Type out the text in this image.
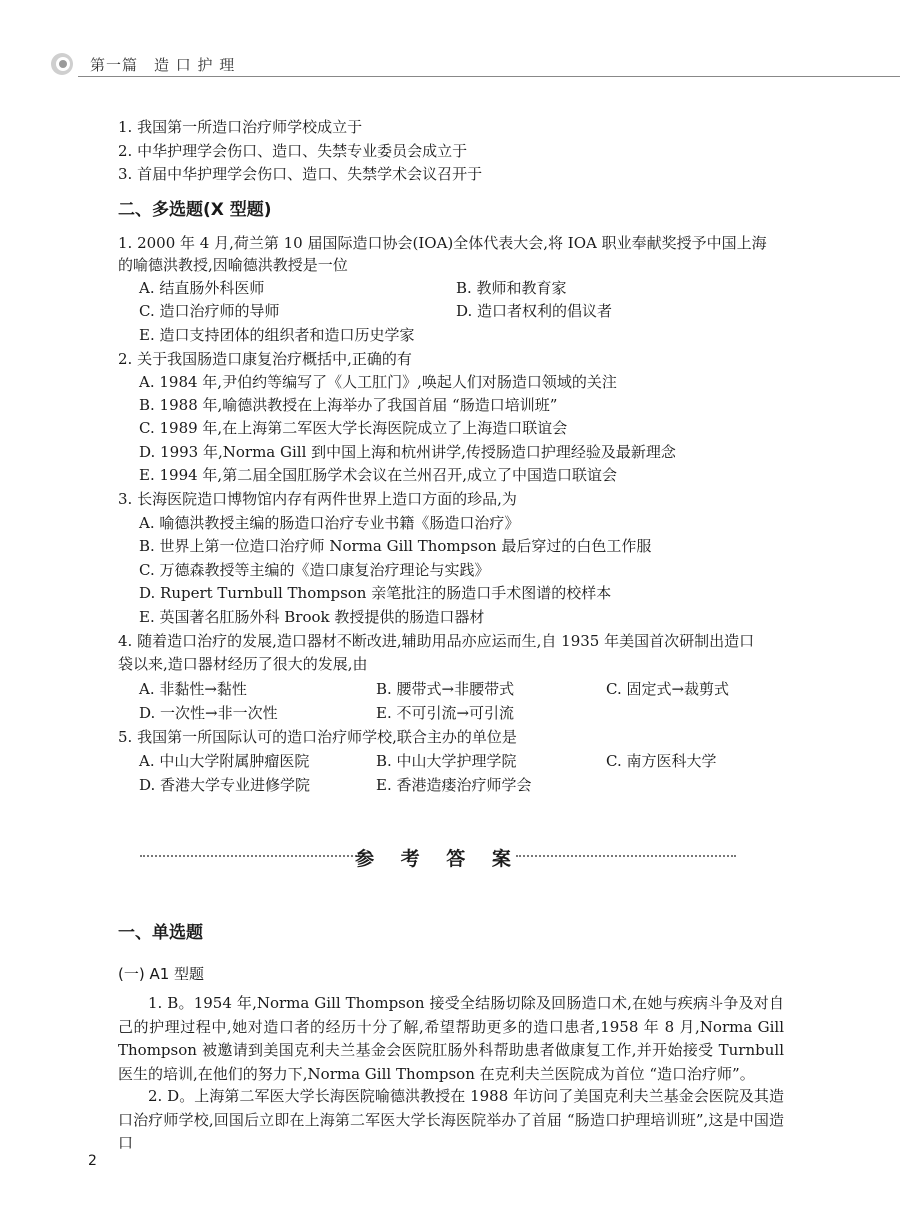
第一篇　造 口 护 理
1. 我国第一所造口治疗师学校成立于
2. 中华护理学会伤口、造口、失禁专业委员会成立于
3. 首届中华护理学会伤口、造口、失禁学术会议召开于
二、多选题(X 型题)
1. 2000 年 4 月,荷兰第 10 届国际造口协会(IOA)全体代表大会,将 IOA 职业奉献奖授予中国上海
的喻德洪教授,因喻德洪教授是一位
A. 结直肠外科医师	B. 教师和教育家
C. 造口治疗师的导师	D. 造口者权利的倡议者
E. 造口支持团体的组织者和造口历史学家
2. 关于我国肠造口康复治疗概括中,正确的有
A. 1984 年,尹伯约等编写了《人工肛门》,唤起人们对肠造口领域的关注
B. 1988 年,喻德洪教授在上海举办了我国首届 “肠造口培训班”
C. 1989 年,在上海第二军医大学长海医院成立了上海造口联谊会
D. 1993 年,Norma Gill 到中国上海和杭州讲学,传授肠造口护理经验及最新理念
E. 1994 年,第二届全国肛肠学术会议在兰州召开,成立了中国造口联谊会
3. 长海医院造口博物馆内存有两件世界上造口方面的珍品,为
A. 喻德洪教授主编的肠造口治疗专业书籍《肠造口治疗》
B. 世界上第一位造口治疗师 Norma Gill Thompson 最后穿过的白色工作服
C. 万德森教授等主编的《造口康复治疗理论与实践》
D. Rupert Turnbull Thompson 亲笔批注的肠造口手术图谱的校样本
E. 英国著名肛肠外科 Brook 教授提供的肠造口器材
4. 随着造口治疗的发展,造口器材不断改进,辅助用品亦应运而生,自 1935 年美国首次研制出造口
袋以来,造口器材经历了很大的发展,由
A. 非黏性→黏性	B. 腰带式→非腰带式	C. 固定式→裁剪式
D. 一次性→非一次性	E. 不可引流→可引流
5. 我国第一所国际认可的造口治疗师学校,联合主办的单位是
A. 中山大学附属肿瘤医院	B. 中山大学护理学院	C. 南方医科大学
D. 香港大学专业进修学院	E. 香港造瘘治疗师学会
参 考 答 案
一、单选题
(一) A1 型题
1. B。1954 年,Norma Gill Thompson 接受全结肠切除及回肠造口术,在她与疾病斗争及对自己的护理过程中,她对造口者的经历十分了解,希望帮助更多的造口患者,1958 年 8 月,Norma Gill Thompson 被邀请到美国克利夫兰基金会医院肛肠外科帮助患者做康复工作,并开始接受 Turnbull 医生的培训,在他们的努力下,Norma Gill Thompson 在克利夫兰医院成为首位 “造口治疗师”。
2. D。上海第二军医大学长海医院喻德洪教授在 1988 年访问了美国克利夫兰基金会医院及其造口治疗师学校,回国后立即在上海第二军医大学长海医院举办了首届 “肠造口护理培训班”,这是中国造口
2
